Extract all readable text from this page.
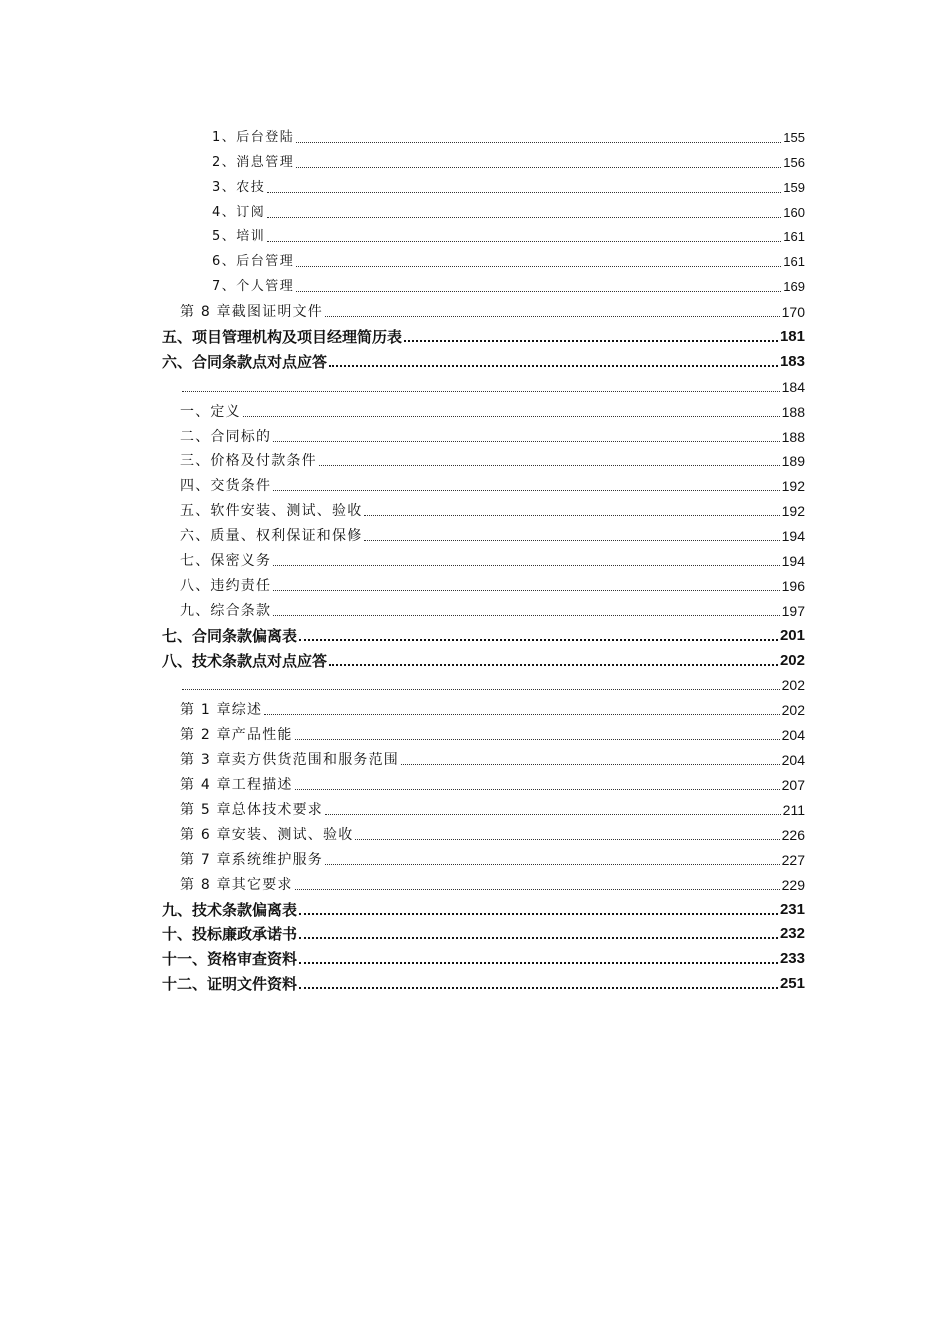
1、后台登陆	155
2、消息管理	156
3、农技	159
4、订阅	160
5、培训	161
6、后台管理	161
7、个人管理	169
第 8 章截图证明文件	170
五、项目管理机构及项目经理简历表	181
六、合同条款点对点应答	183
184
一、定义	188
二、合同标的	188
三、价格及付款条件	189
四、交货条件	192
五、软件安装、测试、验收	192
六、质量、权利保证和保修	194
七、保密义务	194
八、违约责任	196
九、综合条款	197
七、合同条款偏离表	201
八、技术条款点对点应答	202
202
第 1 章综述	202
第 2 章产品性能	204
第 3 章卖方供货范围和服务范围	204
第 4 章工程描述	207
第 5 章总体技术要求	211
第 6 章安装、测试、验收	226
第 7 章系统维护服务	227
第 8 章其它要求	229
九、技术条款偏离表	231
十、投标廉政承诺书	232
十一、资格审查资料	233
十二、证明文件资料	251
